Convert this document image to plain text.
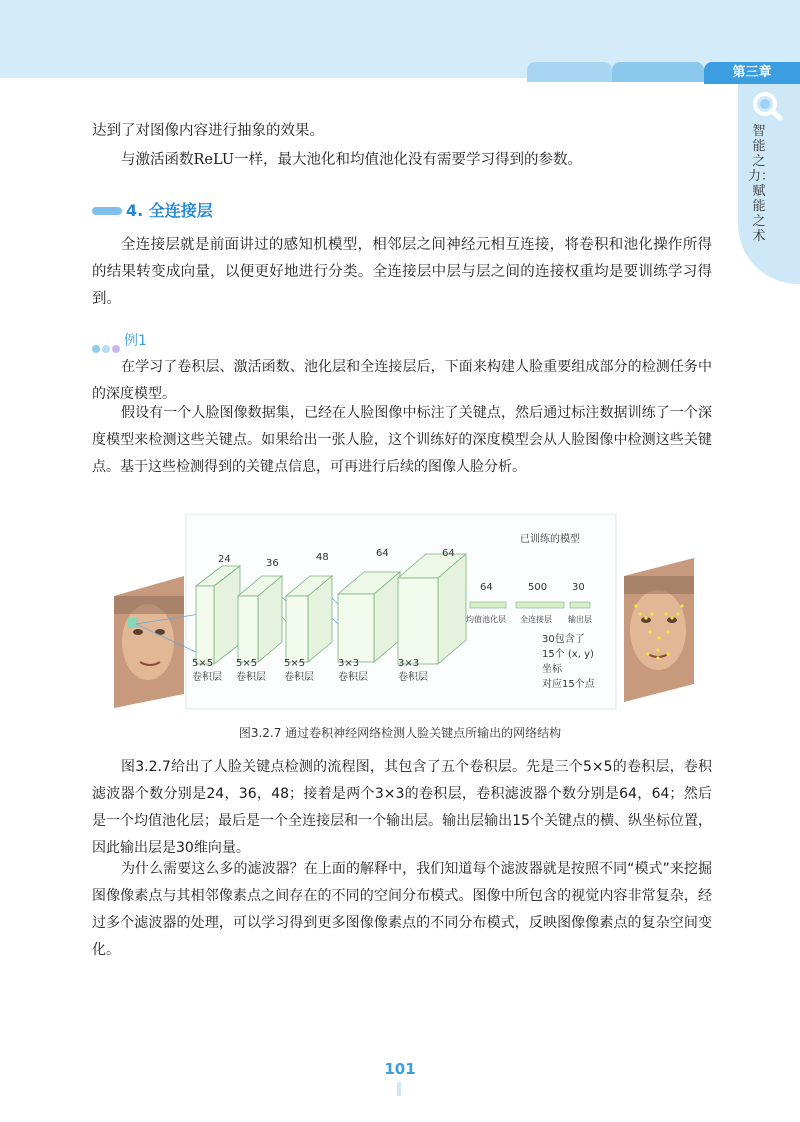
第三章
智能之力：赋能之术

达到了对图像内容进行抽象的效果。

与激活函数ReLU一样，最大池化和均值池化没有需要学习得到的参数。

4. 全连接层

全连接层就是前面讲过的感知机模型，相邻层之间神经元相互连接，将卷积和池化操作所得的结果转变成向量，以便更好地进行分类。全连接层中层与层之间的连接权重均是要训练学习得到。

例1

在学习了卷积层、激活函数、池化层和全连接层后，下面来构建人脸重要组成部分的检测任务中的深度模型。

假设有一个人脸图像数据集，已经在人脸图像中标注了关键点，然后通过标注数据训练了一个深度模型来检测这些关键点。如果给出一张人脸，这个训练好的深度模型会从人脸图像中检测这些关键点。基于这些检测得到的关键点信息，可再进行后续的图像人脸分析。

已训练的模型
24	36
48	64	64
5×5
卷积层
5×5
卷积层
5×5
卷积层
3×3
卷积层
3×3
卷积层
64	500 30
均值池化层 全连接层 输出层
30包含了
15个 (x, y)
坐标
对应15个点
图3.2.7 通过卷积神经网络检测人脸关键点所输出的网络结构

图3.2.7给出了人脸关键点检测的流程图，其包含了五个卷积层。先是三个5×5的卷积层，卷积滤波器个数分别是24，36，48；接着是两个3×3的卷积层，卷积滤波器个数分别是64，64；然后是一个均值池化层；最后是一个全连接层和一个输出层。输出层输出15个关键点的横、纵坐标位置，因此输出层是30维向量。

为什么需要这么多的滤波器？在上面的解释中，我们知道每个滤波器就是按照不同“模式”来挖掘图像像素点与其相邻像素点之间存在的不同的空间分布模式。图像中所包含的视觉内容非常复杂，经过多个滤波器的处理，可以学习得到更多图像像素点的不同分布模式，反映图像像素点的复杂空间变化。

101
